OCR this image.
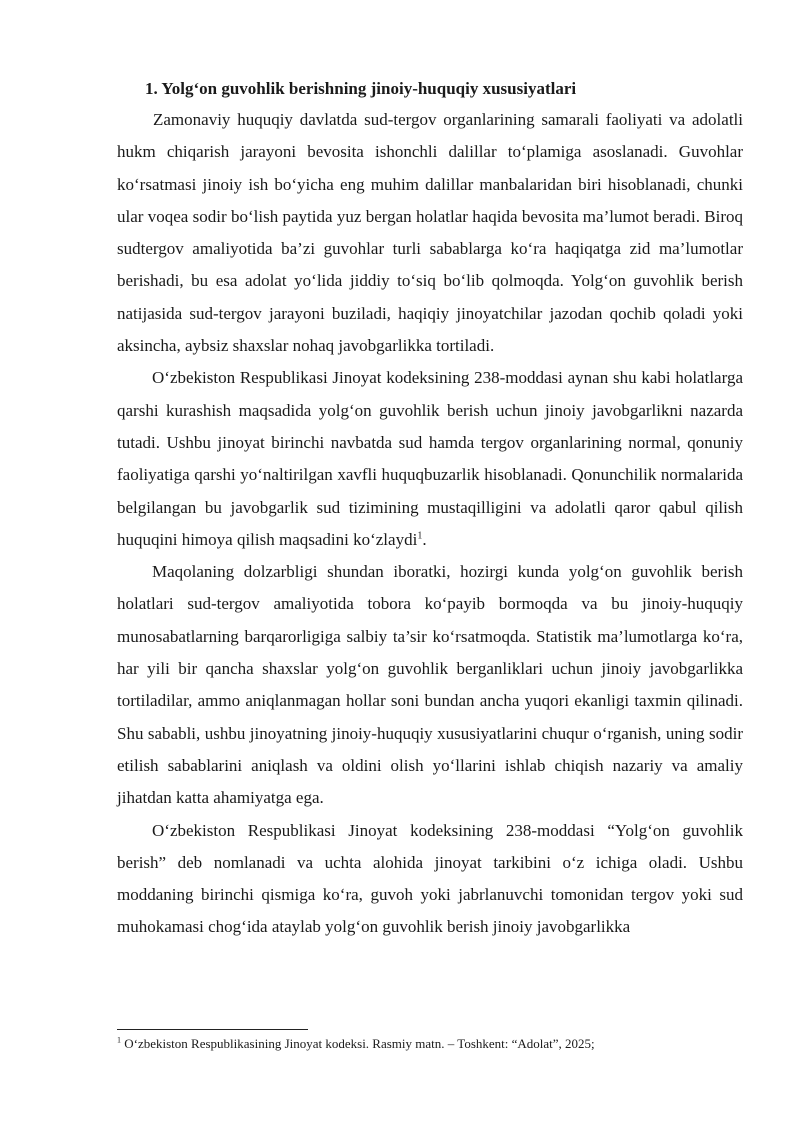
1. Yolg‘on guvohlik berishning jinoiy-huquqiy xususiyatlari

Zamonaviy huquqiy davlatda sud-tergov organlarining samarali faoliyati va adolatli hukm chiqarish jarayoni bevosita ishonchli dalillar to‘plamiga asoslanadi. Guvohlar ko‘rsatmasi jinoiy ish bo‘yicha eng muhim dalillar manbalaridan biri hisoblanadi, chunki ular voqea sodir bo‘lish paytida yuz bergan holatlar haqida bevosita ma’lumot beradi. Biroq sudtergov amaliyotida ba’zi guvohlar turli sabablarga ko‘ra haqiqatga zid ma’lumotlar berishadi, bu esa adolat yo‘lida jiddiy to‘siq bo‘lib qolmoqda. Yolg‘on guvohlik berish natijasida sud-tergov jarayoni buziladi, haqiqiy jinoyatchilar jazodan qochib qoladi yoki aksincha, aybsiz shaxslar nohaq javobgarlikka tortiladi.

O‘zbekiston Respublikasi Jinoyat kodeksining 238-moddasi aynan shu kabi holatlarga qarshi kurashish maqsadida yolg‘on guvohlik berish uchun jinoiy javobgarlikni nazarda tutadi. Ushbu jinoyat birinchi navbatda sud hamda tergov organlarining normal, qonuniy faoliyatiga qarshi yo‘naltirilgan xavfli huquqbuzarlik hisoblanadi. Qonunchilik normalarida belgilangan bu javobgarlik sud tizimining mustaqilligini va adolatli qaror qabul qilish huquqini himoya qilish maqsadini ko‘zlaydi$^1$.

Maqolaning dolzarbligi shundan iboratki, hozirgi kunda yolg‘on guvohlik berish holatlari sud-tergov amaliyotida tobora ko‘payib bormoqda va bu jinoiy-huquqiy munosabatlarning barqarorligiga salbiy ta’sir ko‘rsatmoqda. Statistik ma’lumotlarga ko‘ra, har yili bir qancha shaxslar yolg‘on guvohlik berganliklari uchun jinoiy javobgarlikka tortiladilar, ammo aniqlanmagan hollar soni bundan ancha yuqori ekanligi taxmin qilinadi. Shu sababli, ushbu jinoyatning jinoiy-huquqiy xususiyatlarini chuqur o‘rganish, uning sodir etilish sabablarini aniqlash va oldini olish yo‘llarini ishlab chiqish nazariy va amaliy jihatdan katta ahamiyatga ega.

O‘zbekiston Respublikasi Jinoyat kodeksining 238-moddasi “Yolg‘on guvohlik berish” deb nomlanadi va uchta alohida jinoyat tarkibini o‘z ichiga oladi. Ushbu moddaning birinchi qismiga ko‘ra, guvoh yoki jabrlanuvchi tomonidan tergov yoki sud muhokamasi chog‘ida ataylab yolg‘on guvohlik berish jinoiy javobgarlikka

$^1$ O‘zbekiston Respublikasining Jinoyat kodeksi. Rasmiy matn. – Toshkent: “Adolat”, 2025;
